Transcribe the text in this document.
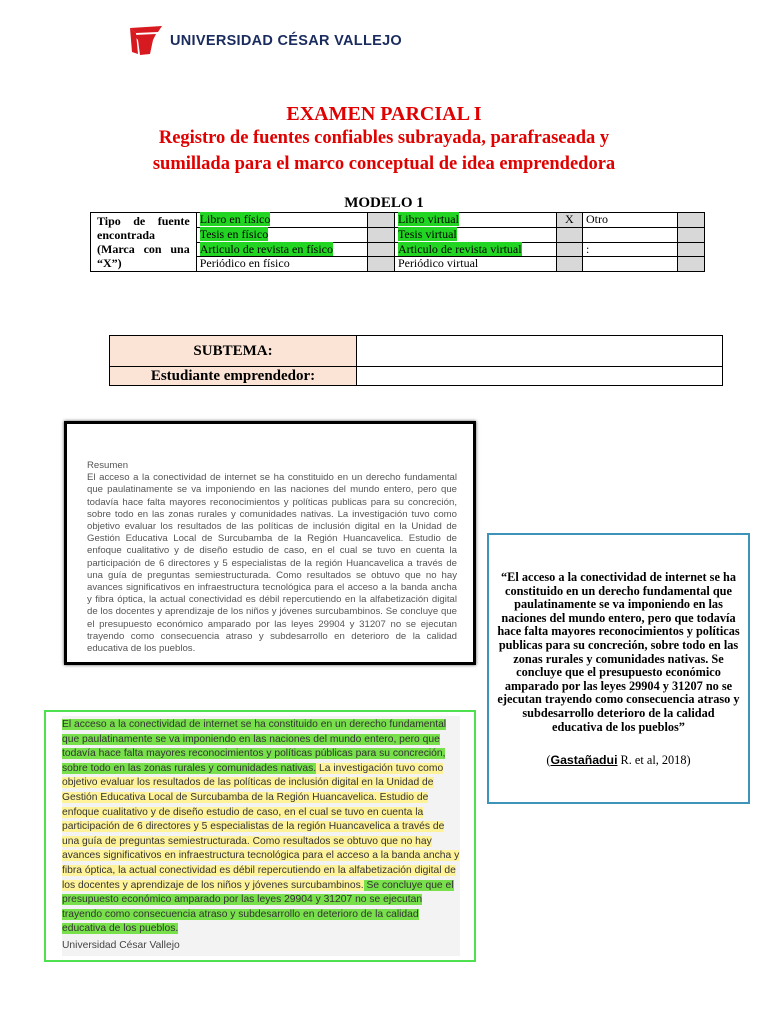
UNIVERSIDAD CÉSAR VALLEJO
EXAMEN PARCIAL I
Registro de fuentes confiables subrayada, parafraseada y
sumillada para el marco conceptual de idea emprendedora
MODELO 1
Tipo de fuente encontrada (Marca con una “X”)	Libro en físico		Libro virtual	X	Otro	
	Tesis en físico		Tesis virtual			
	Articulo de revista en físico		Articulo de revista virtual		:	
	Periódico en físico		Periódico virtual			
SUBTEMA:	
Estudiante emprendedor:	
Resumen
El acceso a la conectividad de internet se ha constituido en un derecho fundamental que paulatinamente se va imponiendo en las naciones del mundo entero, pero que todavía hace falta mayores reconocimientos y políticas publicas para su concreción, sobre todo en las zonas rurales y comunidades nativas. La investigación tuvo como objetivo evaluar los resultados de las políticas de inclusión digital en la Unidad de Gestión Educativa Local de Surcubamba de la Región Huancavelica. Estudio de enfoque cualitativo y de diseño estudio de caso, en el cual se tuvo en cuenta la participación de 6 directores y 5 especialistas de la región Huancavelica a través de una guía de preguntas semiestructurada. Como resultados se obtuvo que no hay avances significativos en infraestructura tecnológica para el acceso a la banda ancha y fibra óptica, la actual conectividad es débil repercutiendo en la alfabetización digital de los docentes y aprendizaje de los niños y jóvenes surcubambinos. Se concluye que el presupuesto económico amparado por las leyes 29904 y 31207 no se ejecutan trayendo como consecuencia atraso y subdesarrollo en deterioro de la calidad educativa de los pueblos.
“El acceso a la conectividad de internet se ha constituido en un derecho fundamental que paulatinamente se va imponiendo en las naciones del mundo entero, pero que todavía hace falta mayores reconocimientos y políticas publicas para su concreción, sobre todo en las zonas rurales y comunidades nativas. Se concluye que el presupuesto económico amparado por las leyes 29904 y 31207 no se ejecutan trayendo como consecuencia atraso y subdesarrollo deterioro de la calidad educativa de los pueblos”
(Gastañadui R. et al, 2018)
El acceso a la conectividad de internet se ha constituido en un derecho fundamental que paulatinamente se va imponiendo en las naciones del mundo entero, pero que todavía hace falta mayores reconocimientos y políticas públicas para su concreción, sobre todo en las zonas rurales y comunidades nativas. La investigación tuvo como objetivo evaluar los resultados de las políticas de inclusión digital en la Unidad de Gestión Educativa Local de Surcubamba de la Región Huancavelica. Estudio de enfoque cualitativo y de diseño estudio de caso, en el cual se tuvo en cuenta la participación de 6 directores y 5 especialistas de la región Huancavelica a través de una guía de preguntas semiestructurada. Como resultados se obtuvo que no hay avances significativos en infraestructura tecnológica para el acceso a la banda ancha y fibra óptica, la actual conectividad es débil repercutiendo en la alfabetización digital de los docentes y aprendizaje de los niños y jóvenes surcubambinos. Se concluye que el presupuesto económico amparado por las leyes 29904 y 31207 no se ejecutan trayendo como consecuencia atraso y subdesarrollo en deterioro de la calidad educativa de los pueblos.
Universidad César Vallejo
